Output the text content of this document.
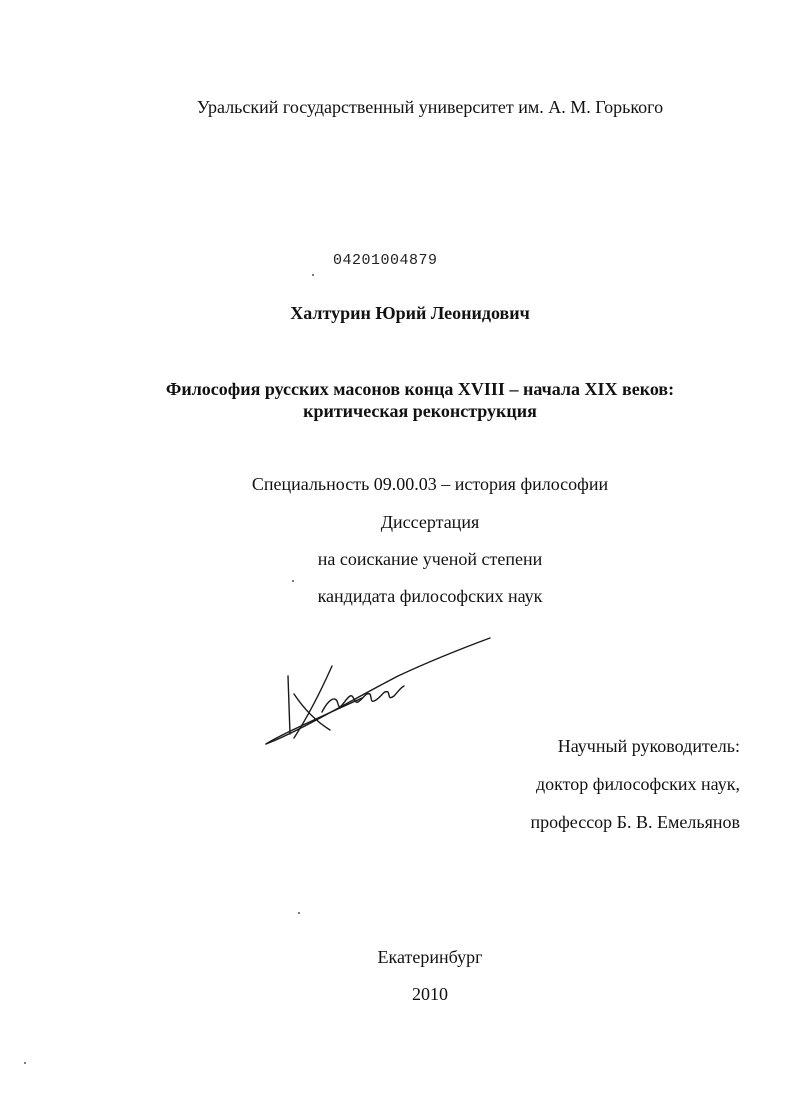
Уральский государственный университет им. А. М. Горького
04201004879
Халтурин Юрий Леонидович
Философия русских масонов конца XVIII – начала XIX веков:
критическая реконструкция
Специальность 09.00.03 – история философии
Диссертация
на соискание ученой степени
кандидата философских наук
Научный руководитель:
доктор философских наук,
профессор Б. В. Емельянов
Екатеринбург
2010
